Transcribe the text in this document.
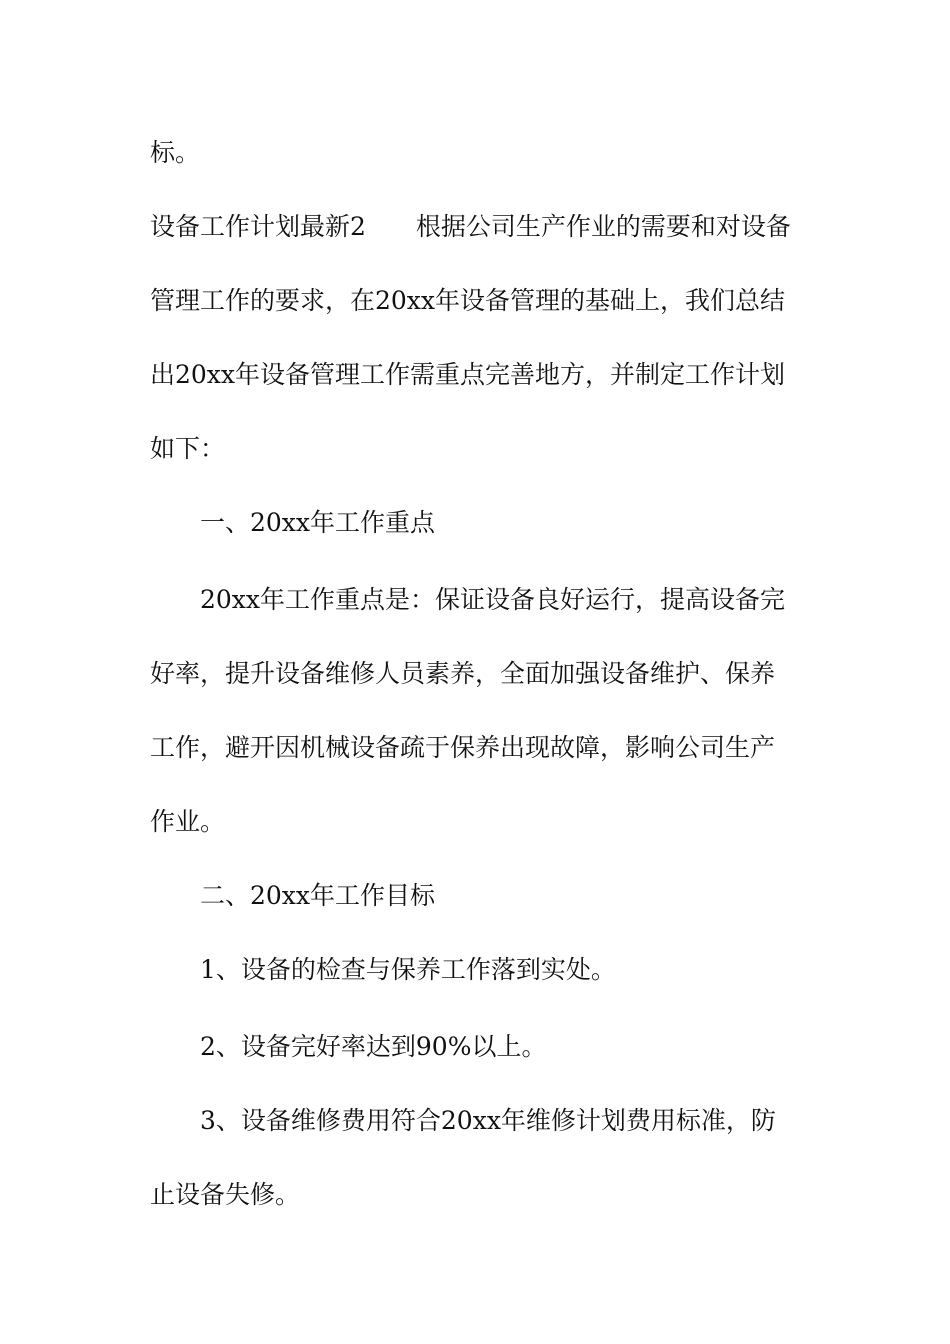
标。
设备工作计划最新2 根据公司生产作业的需要和对设备
管理工作的要求，在20xx年设备管理的基础上，我们总结
出20xx年设备管理工作需重点完善地方，并制定工作计划
如下：
一、20xx年工作重点
20xx年工作重点是：保证设备良好运行，提高设备完
好率，提升设备维修人员素养，全面加强设备维护、保养
工作，避开因机械设备疏于保养出现故障，影响公司生产
作业。
二、20xx年工作目标
1、设备的检查与保养工作落到实处。
2、设备完好率达到90%以上。
3、设备维修费用符合20xx年维修计划费用标准，防
止设备失修。
